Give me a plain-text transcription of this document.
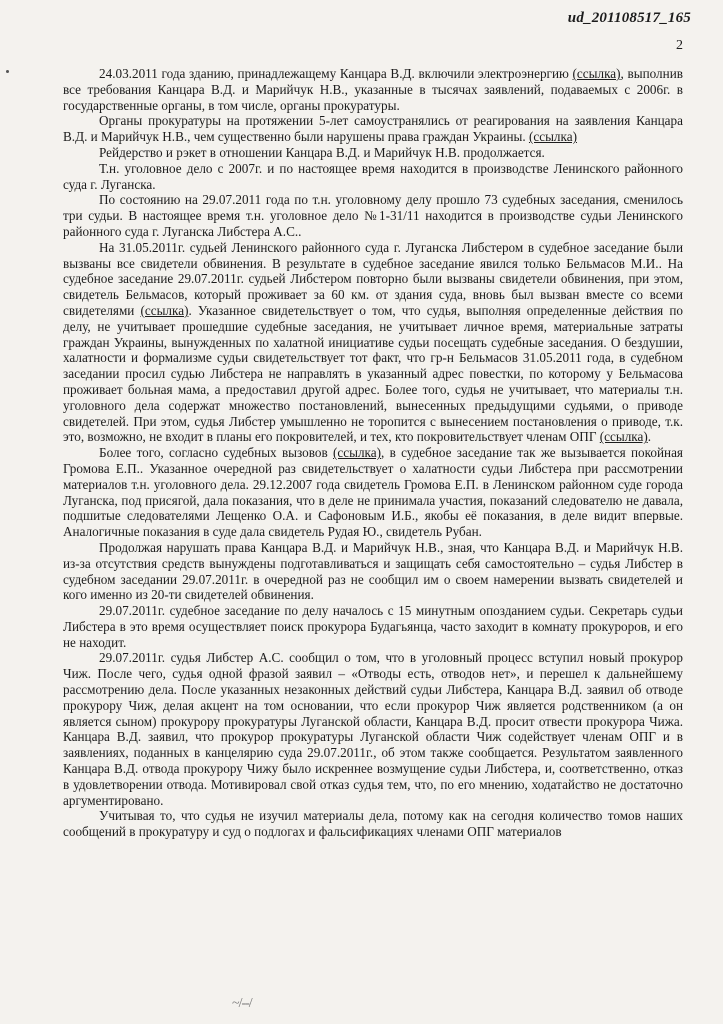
ud_201108517_165
2

24.03.2011 года зданию, принадлежащему Канцара В.Д. включили электроэнергию (ссылка), выполнив все требования Канцара В.Д. и Марийчук Н.В., указанные в тысячах заявлений, подаваемых с 2006г. в государственные органы, в том числе, органы прокуратуры.

Органы прокуратуры на протяжении 5-лет самоустранялись от реагирования на заявления Канцара В.Д. и Марийчук Н.В., чем существенно были нарушены права граждан Украины. (ссылка)

Рейдерство и рэкет в отношении Канцара В.Д. и Марийчук Н.В. продолжается.

Т.н. уголовное дело с 2007г. и по настоящее время находится в производстве Ленинского районного суда г. Луганска.

По состоянию на 29.07.2011 года по т.н. уголовному делу прошло 73 судебных заседания, сменилось три судьи. В настоящее время т.н. уголовное дело №1-31/11 находится в производстве судьи Ленинского районного суда г. Луганска Либстера А.С..

На 31.05.2011г. судьей Ленинского районного суда г. Луганска Либстером в судебное заседание были вызваны все свидетели обвинения. В результате в судебное заседание явился только Бельмасов М.И.. На судебное заседание 29.07.2011г. судьей Либстером повторно были вызваны свидетели обвинения, при этом, свидетель Бельмасов, который проживает за 60 км. от здания суда, вновь был вызван вместе со всеми свидетелями (ссылка). Указанное свидетельствует о том, что судья, выполняя определенные действия по делу, не учитывает прошедшие судебные заседания, не учитывает личное время, материальные затраты граждан Украины, вынужденных по халатной инициативе судьи посещать судебные заседания. О бездушии, халатности и формализме судьи свидетельствует тот факт, что гр-н Бельмасов 31.05.2011 года, в судебном заседании просил судью Либстера не направлять в указанный адрес повестки, по которому у Бельмасова проживает больная мама, а предоставил другой адрес. Более того, судья не учитывает, что материалы т.н. уголовного дела содержат множество постановлений, вынесенных предыдущими судьями, о приводе свидетелей. При этом, судья Либстер умышленно не торопится с вынесением постановления о приводе, т.к. это, возможно, не входит в планы его покровителей, и тех, кто покровительствует членам ОПГ (ссылка).

Более того, согласно судебных вызовов (ссылка), в судебное заседание так же вызывается покойная Громова Е.П.. Указанное очередной раз свидетельствует о халатности судьи Либстера при рассмотрении материалов т.н. уголовного дела. 29.12.2007 года свидетель Громова Е.П. в Ленинском районном суде города Луганска, под присягой, дала показания, что в деле не принимала участия, показаний следователю не давала, подшитые следователями Лещенко О.А. и Сафоновым И.Б., якобы её показания, в деле видит впервые. Аналогичные показания в суде дала свидетель Рудая Ю., свидетель Рубан.

Продолжая нарушать права Канцара В.Д. и Марийчук Н.В., зная, что Канцара В.Д. и Марийчук Н.В. из-за отсутствия средств вынуждены подготавливаться и защищать себя самостоятельно – судья Либстер в судебном заседании 29.07.2011г. в очередной раз не сообщил им о своем намерении вызвать свидетелей и кого именно из 20-ти свидетелей обвинения.

29.07.2011г. судебное заседание по делу началось с 15 минутным опозданием судьи. Секретарь судьи Либстера в это время осуществляет поиск прокурора Будагьянца, часто заходит в комнату прокуроров, и его не находит.

29.07.2011г. судья Либстер А.С. сообщил о том, что в уголовный процесс вступил новый прокурор Чиж. После чего, судья одной фразой заявил – «Отводы есть, отводов нет», и перешел к дальнейшему рассмотрению дела. После указанных незаконных действий судьи Либстера, Канцара В.Д. заявил об отводе прокурору Чиж, делая акцент на том основании, что если прокурор Чиж является родственником (а он является сыном) прокурору прокуратуры Луганской области, Канцара В.Д. просит отвести прокурора Чижа. Канцара В.Д. заявил, что прокурор прокуратуры Луганской области Чиж содействует членам ОПГ и в заявлениях, поданных в канцелярию суда 29.07.2011г., об этом также сообщается. Результатом заявленного Канцара В.Д. отвода прокурору Чижу было искреннее возмущение судьи Либстера, и, соответственно, отказ в удовлетворении отвода. Мотивировал свой отказ судья тем, что, по его мнению, ходатайство не достаточно аргументировано.

Учитывая то, что судья не изучил материалы дела, потому как на сегодня количество томов наших сообщений в прокуратуру и суд о подлогах и фальсификациях членами ОПГ материалов

~/--/
